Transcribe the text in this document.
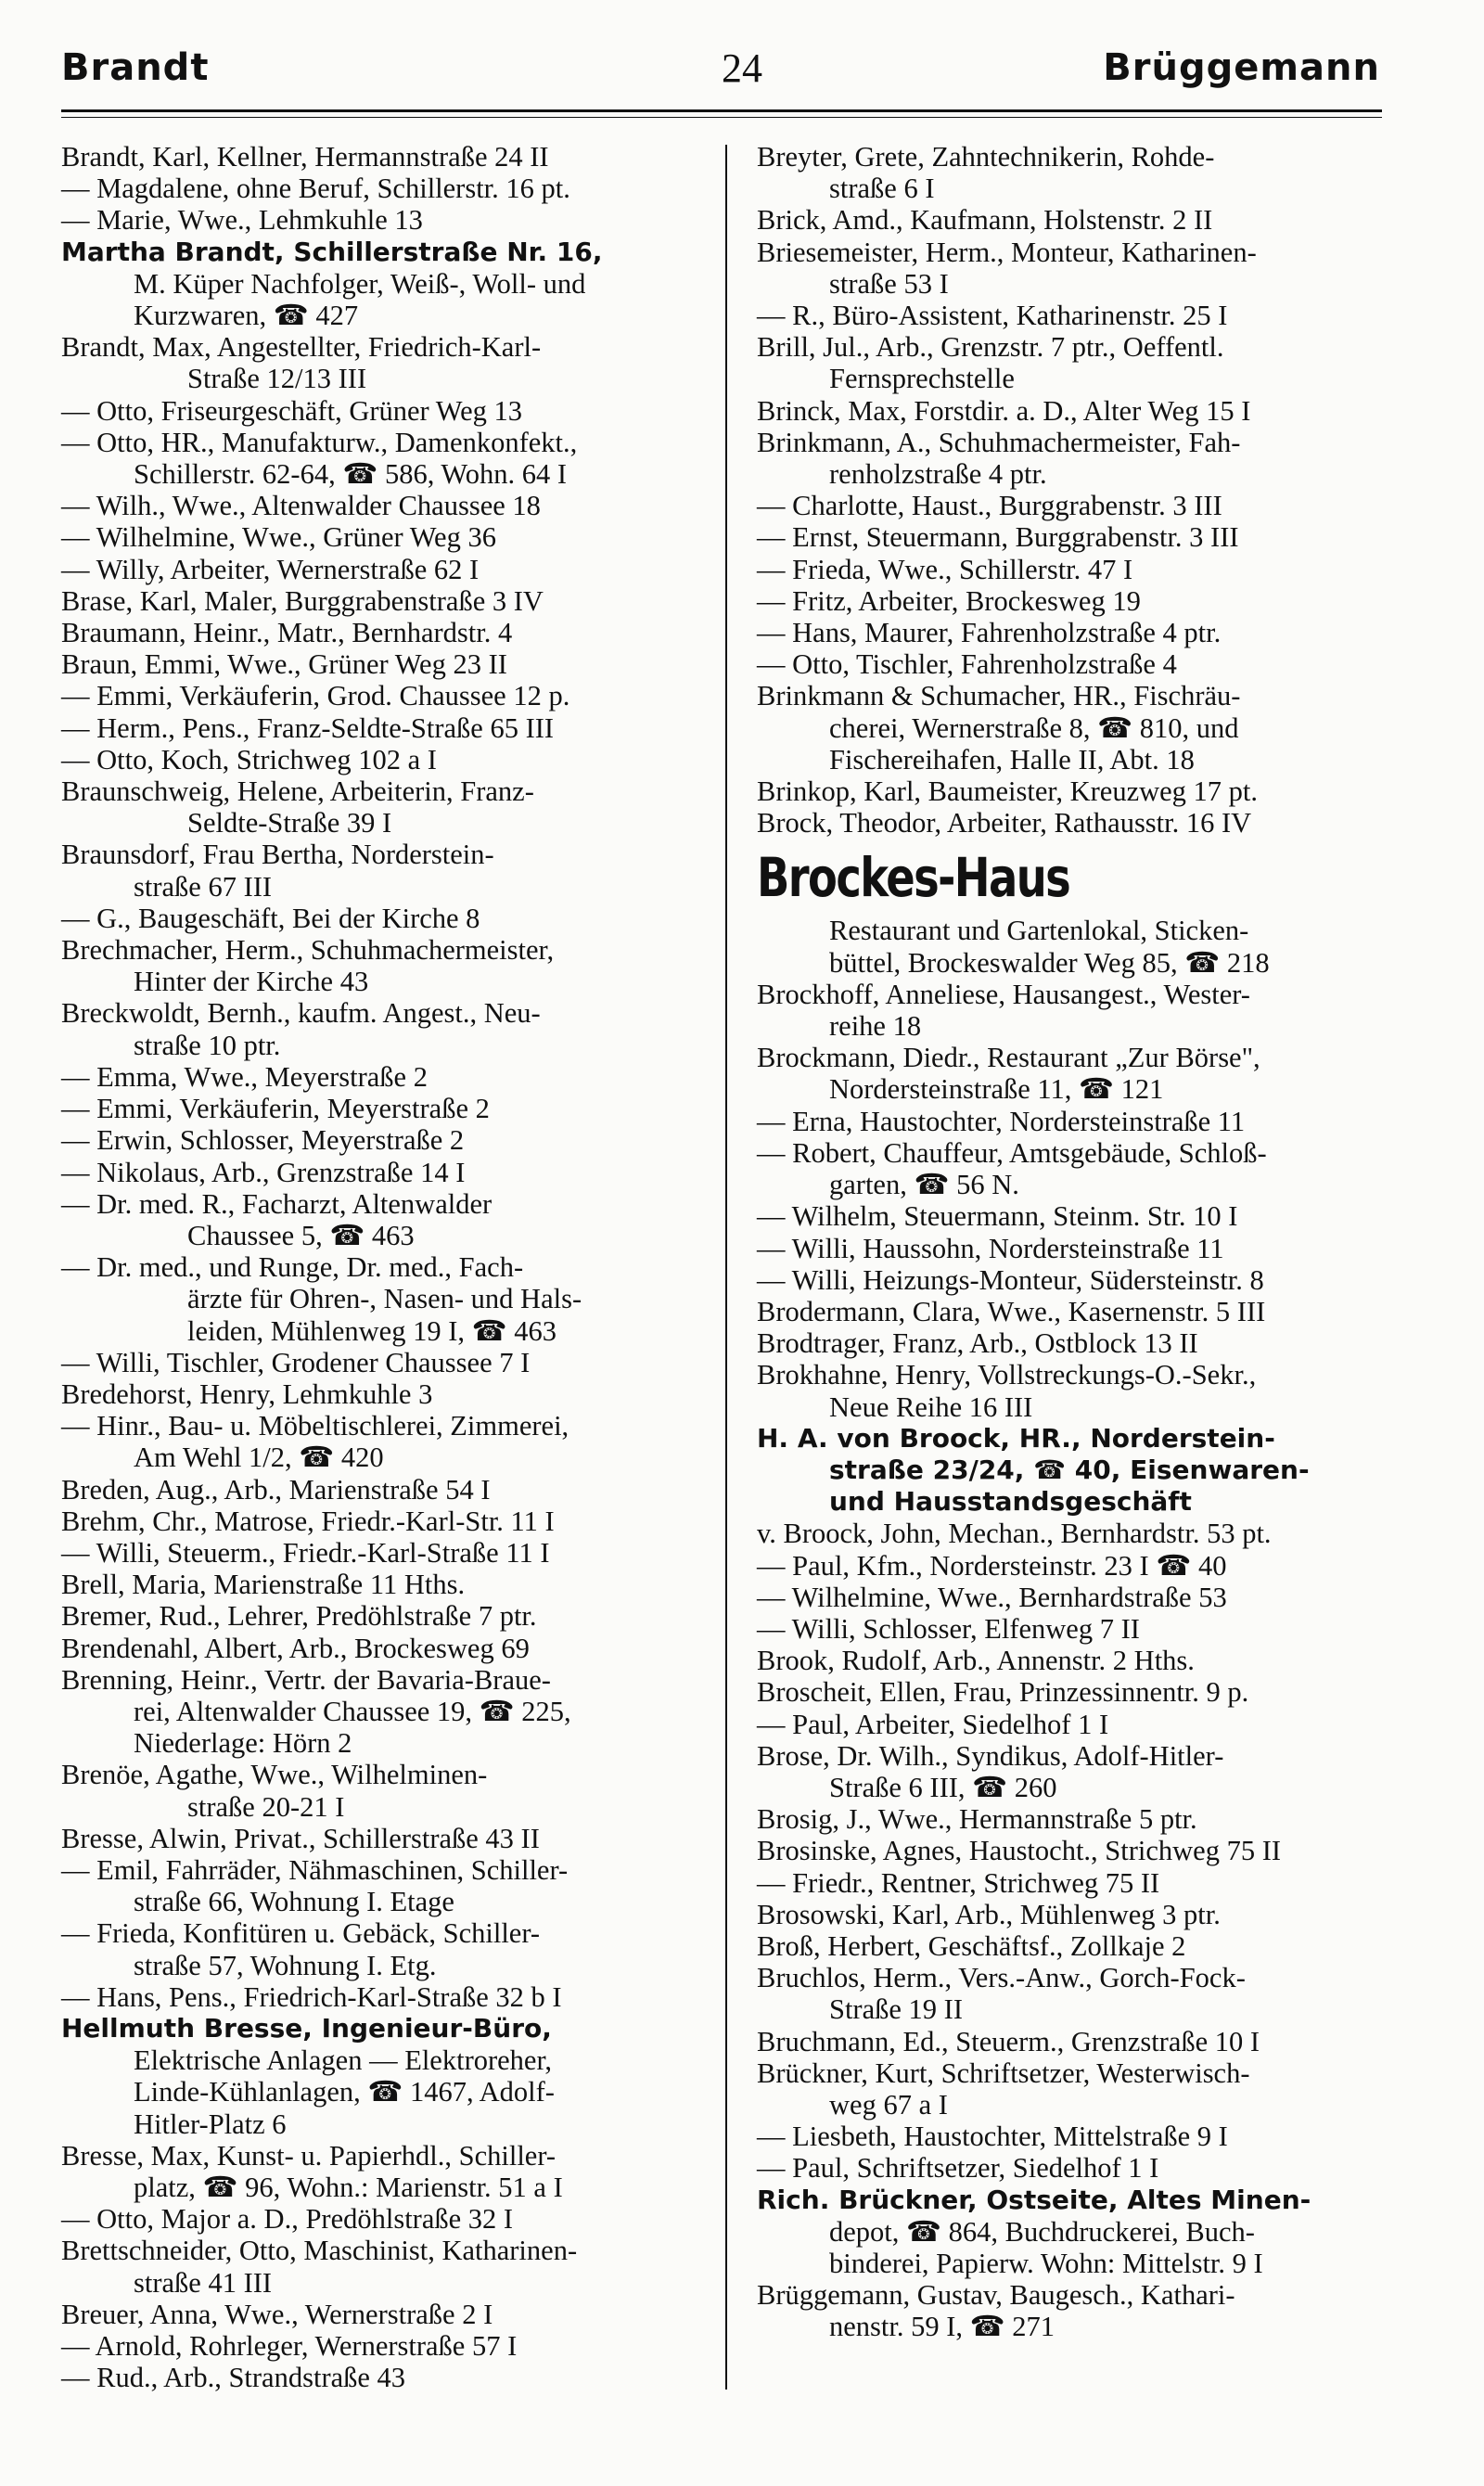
Brandt	24	Brüggemann

Brandt, Karl, Kellner, Hermannstraße 24 II

— Magdalene, ohne Beruf, Schillerstr. 16 pt.

— Marie, Wwe., Lehmkuhle 13

Martha Brandt, Schillerstraße Nr. 16,

M. Küper Nachfolger, Weiß-, Woll- und

Kurzwaren, ☎ 427

Brandt, Max, Angestellter, Friedrich-Karl-

Straße 12/13 III

— Otto, Friseurgeschäft, Grüner Weg 13

— Otto, HR., Manufakturw., Damenkonfekt.,

Schillerstr. 62-64, ☎ 586, Wohn. 64 I

— Wilh., Wwe., Altenwalder Chaussee 18

— Wilhelmine, Wwe., Grüner Weg 36

— Willy, Arbeiter, Wernerstraße 62 I

Brase, Karl, Maler, Burggrabenstraße 3 IV

Braumann, Heinr., Matr., Bernhardstr. 4

Braun, Emmi, Wwe., Grüner Weg 23 II

— Emmi, Verkäuferin, Grod. Chaussee 12 p.

— Herm., Pens., Franz-Seldte-Straße 65 III

— Otto, Koch, Strichweg 102 a I

Braunschweig, Helene, Arbeiterin, Franz-

Seldte-Straße 39 I

Braunsdorf, Frau Bertha, Norderstein-

straße 67 III

— G., Baugeschäft, Bei der Kirche 8

Brechmacher, Herm., Schuhmachermeister,

Hinter der Kirche 43

Breckwoldt, Bernh., kaufm. Angest., Neu-

straße 10 ptr.

— Emma, Wwe., Meyerstraße 2

— Emmi, Verkäuferin, Meyerstraße 2

— Erwin, Schlosser, Meyerstraße 2

— Nikolaus, Arb., Grenzstraße 14 I

— Dr. med. R., Facharzt, Altenwalder

Chaussee 5, ☎ 463

— Dr. med., und Runge, Dr. med., Fach-

ärzte für Ohren-, Nasen- und Hals-

leiden, Mühlenweg 19 I, ☎ 463

— Willi, Tischler, Grodener Chaussee 7 I

Bredehorst, Henry, Lehmkuhle 3

— Hinr., Bau- u. Möbeltischlerei, Zimmerei,

Am Wehl 1/2, ☎ 420

Breden, Aug., Arb., Marienstraße 54 I

Brehm, Chr., Matrose, Friedr.-Karl-Str. 11 I

— Willi, Steuerm., Friedr.-Karl-Straße 11 I

Brell, Maria, Marienstraße 11 Hths.

Bremer, Rud., Lehrer, Predöhlstraße 7 ptr.

Brendenahl, Albert, Arb., Brockesweg 69

Brenning, Heinr., Vertr. der Bavaria-Braue-

rei, Altenwalder Chaussee 19, ☎ 225,

Niederlage: Hörn 2

Brenöe, Agathe, Wwe., Wilhelminen-

straße 20-21 I

Bresse, Alwin, Privat., Schillerstraße 43 II

— Emil, Fahrräder, Nähmaschinen, Schiller-

straße 66, Wohnung I. Etage

— Frieda, Konfitüren u. Gebäck, Schiller-

straße 57, Wohnung I. Etg.

— Hans, Pens., Friedrich-Karl-Straße 32 b I

Hellmuth Bresse, Ingenieur-Büro,

Elektrische Anlagen — Elektroreher,

Linde-Kühlanlagen, ☎ 1467, Adolf-

Hitler-Platz 6

Bresse, Max, Kunst- u. Papierhdl., Schiller-

platz, ☎ 96, Wohn.: Marienstr. 51 a I

— Otto, Major a. D., Predöhlstraße 32 I

Brettschneider, Otto, Maschinist, Katharinen-

straße 41 III

Breuer, Anna, Wwe., Wernerstraße 2 I

— Arnold, Rohrleger, Wernerstraße 57 I

— Rud., Arb., Strandstraße 43

Breyter, Grete, Zahntechnikerin, Rohde-

straße 6 I

Brick, Amd., Kaufmann, Holstenstr. 2 II

Briesemeister, Herm., Monteur, Katharinen-

straße 53 I

— R., Büro-Assistent, Katharinenstr. 25 I

Brill, Jul., Arb., Grenzstr. 7 ptr., Oeffentl.

Fernsprechstelle

Brinck, Max, Forstdir. a. D., Alter Weg 15 I

Brinkmann, A., Schuhmachermeister, Fah-

renholzstraße 4 ptr.

— Charlotte, Haust., Burggrabenstr. 3 III

— Ernst, Steuermann, Burggrabenstr. 3 III

— Frieda, Wwe., Schillerstr. 47 I

— Fritz, Arbeiter, Brockesweg 19

— Hans, Maurer, Fahrenholzstraße 4 ptr.

— Otto, Tischler, Fahrenholzstraße 4

Brinkmann & Schumacher, HR., Fischräu-

cherei, Wernerstraße 8, ☎ 810, und

Fischereihafen, Halle II, Abt. 18

Brinkop, Karl, Baumeister, Kreuzweg 17 pt.

Brock, Theodor, Arbeiter, Rathausstr. 16 IV

Brockes-Haus

Restaurant und Gartenlokal, Sticken-

büttel, Brockeswalder Weg 85, ☎ 218

Brockhoff, Anneliese, Hausangest., Wester-

reihe 18

Brockmann, Diedr., Restaurant „Zur Börse",

Nordersteinstraße 11, ☎ 121

— Erna, Haustochter, Nordersteinstraße 11

— Robert, Chauffeur, Amtsgebäude, Schloß-

garten, ☎ 56 N.

— Wilhelm, Steuermann, Steinm. Str. 10 I

— Willi, Haussohn, Nordersteinstraße 11

— Willi, Heizungs-Monteur, Südersteinstr. 8

Brodermann, Clara, Wwe., Kasernenstr. 5 III

Brodtrager, Franz, Arb., Ostblock 13 II

Brokhahne, Henry, Vollstreckungs-O.-Sekr.,

Neue Reihe 16 III

H. A. von Broock, HR., Norderstein-

straße 23/24, ☎ 40, Eisenwaren-

und Hausstandsgeschäft

v. Broock, John, Mechan., Bernhardstr. 53 pt.

— Paul, Kfm., Nordersteinstr. 23 I ☎ 40

— Wilhelmine, Wwe., Bernhardstraße 53

— Willi, Schlosser, Elfenweg 7 II

Brook, Rudolf, Arb., Annenstr. 2 Hths.

Broscheit, Ellen, Frau, Prinzessinnentr. 9 p.

— Paul, Arbeiter, Siedelhof 1 I

Brose, Dr. Wilh., Syndikus, Adolf-Hitler-

Straße 6 III, ☎ 260

Brosig, J., Wwe., Hermannstraße 5 ptr.

Brosinske, Agnes, Haustocht., Strichweg 75 II

— Friedr., Rentner, Strichweg 75 II

Brosowski, Karl, Arb., Mühlenweg 3 ptr.

Broß, Herbert, Geschäftsf., Zollkaje 2

Bruchlos, Herm., Vers.-Anw., Gorch-Fock-

Straße 19 II

Bruchmann, Ed., Steuerm., Grenzstraße 10 I

Brückner, Kurt, Schriftsetzer, Westerwisch-

weg 67 a I

— Liesbeth, Haustochter, Mittelstraße 9 I

— Paul, Schriftsetzer, Siedelhof 1 I

Rich. Brückner, Ostseite, Altes Minen-

depot, ☎ 864, Buchdruckerei, Buch-

binderei, Papierw. Wohn: Mittelstr. 9 I

Brüggemann, Gustav, Baugesch., Kathari-

nenstr. 59 I, ☎ 271
